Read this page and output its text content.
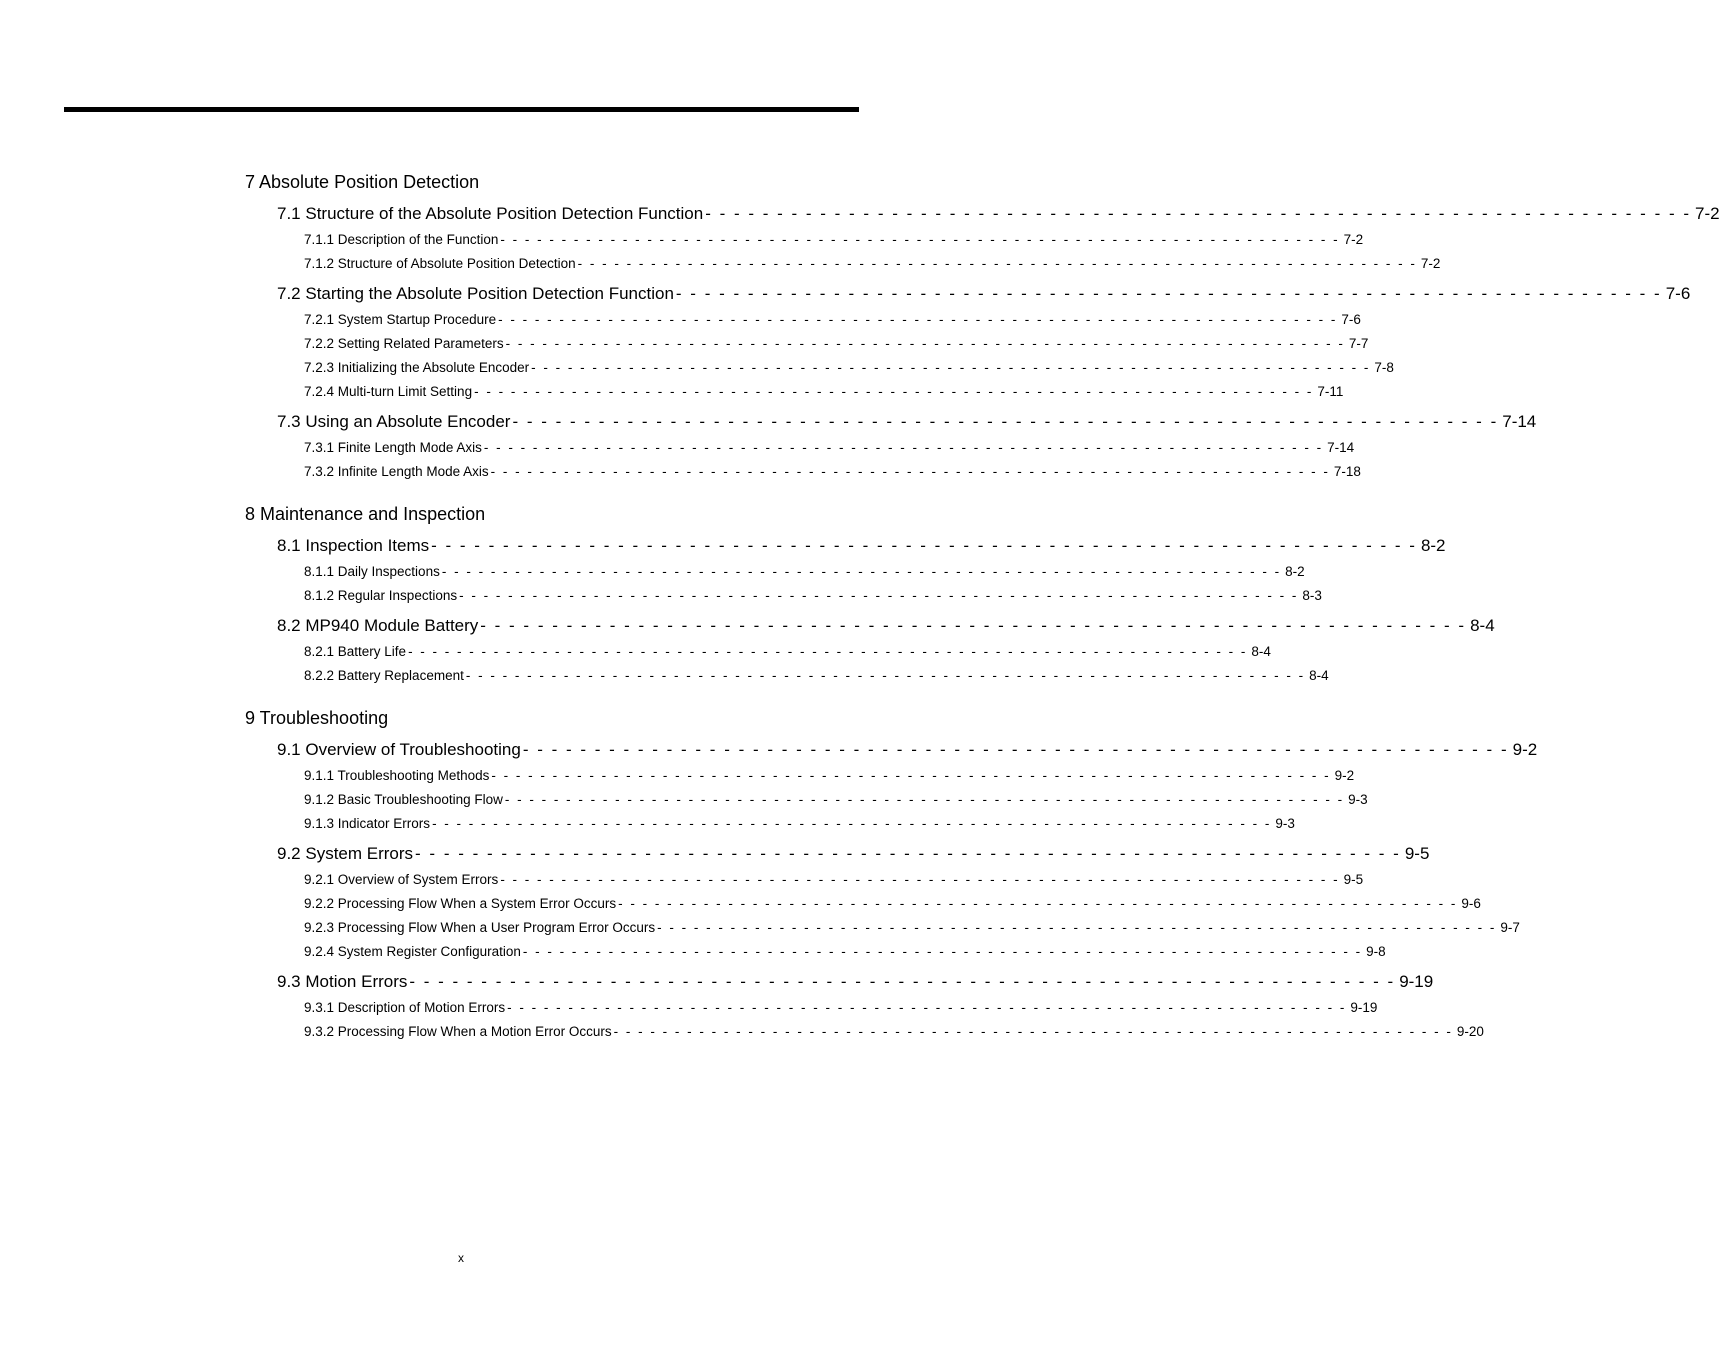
7 Absolute Position Detection
7.1 Structure of the Absolute Position Detection Function - - - - - - - - - - - - - - - - - - - - - - - - - - - - - - - - - - - - - - - - - - - - - - - - - - - - - - - - - - - - - - - - - - - - - 7-2
7.1.1 Description of the Function - - - - - - - - - - - - - - - - - - - - - - - - - - - - - - - - - - - - - - - - - - - - - - - - - - - - - - - - - - - - - - - - - - - - - 7-2
7.1.2 Structure of Absolute Position Detection - - - - - - - - - - - - - - - - - - - - - - - - - - - - - - - - - - - - - - - - - - - - - - - - - - - - - - - - - - - - - - - - - - - - - 7-2
7.2 Starting the Absolute Position Detection Function - - - - - - - - - - - - - - - - - - - - - - - - - - - - - - - - - - - - - - - - - - - - - - - - - - - - - - - - - - - - - - - - - - - - - 7-6
7.2.1 System Startup Procedure - - - - - - - - - - - - - - - - - - - - - - - - - - - - - - - - - - - - - - - - - - - - - - - - - - - - - - - - - - - - - - - - - - - - - 7-6
7.2.2 Setting Related Parameters - - - - - - - - - - - - - - - - - - - - - - - - - - - - - - - - - - - - - - - - - - - - - - - - - - - - - - - - - - - - - - - - - - - - - 7-7
7.2.3 Initializing the Absolute Encoder - - - - - - - - - - - - - - - - - - - - - - - - - - - - - - - - - - - - - - - - - - - - - - - - - - - - - - - - - - - - - - - - - - - - - 7-8
7.2.4 Multi-turn Limit Setting - - - - - - - - - - - - - - - - - - - - - - - - - - - - - - - - - - - - - - - - - - - - - - - - - - - - - - - - - - - - - - - - - - - - - 7-11
7.3 Using an Absolute Encoder - - - - - - - - - - - - - - - - - - - - - - - - - - - - - - - - - - - - - - - - - - - - - - - - - - - - - - - - - - - - - - - - - - - - - 7-14
7.3.1 Finite Length Mode Axis - - - - - - - - - - - - - - - - - - - - - - - - - - - - - - - - - - - - - - - - - - - - - - - - - - - - - - - - - - - - - - - - - - - - - 7-14
7.3.2 Infinite Length Mode Axis - - - - - - - - - - - - - - - - - - - - - - - - - - - - - - - - - - - - - - - - - - - - - - - - - - - - - - - - - - - - - - - - - - - - - 7-18
8 Maintenance and Inspection
8.1 Inspection Items - - - - - - - - - - - - - - - - - - - - - - - - - - - - - - - - - - - - - - - - - - - - - - - - - - - - - - - - - - - - - - - - - - - - - 8-2
8.1.1 Daily Inspections - - - - - - - - - - - - - - - - - - - - - - - - - - - - - - - - - - - - - - - - - - - - - - - - - - - - - - - - - - - - - - - - - - - - - 8-2
8.1.2 Regular Inspections - - - - - - - - - - - - - - - - - - - - - - - - - - - - - - - - - - - - - - - - - - - - - - - - - - - - - - - - - - - - - - - - - - - - - 8-3
8.2 MP940 Module Battery - - - - - - - - - - - - - - - - - - - - - - - - - - - - - - - - - - - - - - - - - - - - - - - - - - - - - - - - - - - - - - - - - - - - - 8-4
8.2.1 Battery Life - - - - - - - - - - - - - - - - - - - - - - - - - - - - - - - - - - - - - - - - - - - - - - - - - - - - - - - - - - - - - - - - - - - - - 8-4
8.2.2 Battery Replacement - - - - - - - - - - - - - - - - - - - - - - - - - - - - - - - - - - - - - - - - - - - - - - - - - - - - - - - - - - - - - - - - - - - - - 8-4
9 Troubleshooting
9.1 Overview of Troubleshooting - - - - - - - - - - - - - - - - - - - - - - - - - - - - - - - - - - - - - - - - - - - - - - - - - - - - - - - - - - - - - - - - - - - - - 9-2
9.1.1 Troubleshooting Methods - - - - - - - - - - - - - - - - - - - - - - - - - - - - - - - - - - - - - - - - - - - - - - - - - - - - - - - - - - - - - - - - - - - - - 9-2
9.1.2 Basic Troubleshooting Flow - - - - - - - - - - - - - - - - - - - - - - - - - - - - - - - - - - - - - - - - - - - - - - - - - - - - - - - - - - - - - - - - - - - - - 9-3
9.1.3 Indicator Errors - - - - - - - - - - - - - - - - - - - - - - - - - - - - - - - - - - - - - - - - - - - - - - - - - - - - - - - - - - - - - - - - - - - - - 9-3
9.2 System Errors - - - - - - - - - - - - - - - - - - - - - - - - - - - - - - - - - - - - - - - - - - - - - - - - - - - - - - - - - - - - - - - - - - - - - 9-5
9.2.1 Overview of System Errors - - - - - - - - - - - - - - - - - - - - - - - - - - - - - - - - - - - - - - - - - - - - - - - - - - - - - - - - - - - - - - - - - - - - - 9-5
9.2.2 Processing Flow When a System Error Occurs - - - - - - - - - - - - - - - - - - - - - - - - - - - - - - - - - - - - - - - - - - - - - - - - - - - - - - - - - - - - - - - - - - - - - 9-6
9.2.3 Processing Flow When a User Program Error Occurs - - - - - - - - - - - - - - - - - - - - - - - - - - - - - - - - - - - - - - - - - - - - - - - - - - - - - - - - - - - - - - - - - - - - - 9-7
9.2.4 System Register Configuration - - - - - - - - - - - - - - - - - - - - - - - - - - - - - - - - - - - - - - - - - - - - - - - - - - - - - - - - - - - - - - - - - - - - - 9-8
9.3 Motion Errors - - - - - - - - - - - - - - - - - - - - - - - - - - - - - - - - - - - - - - - - - - - - - - - - - - - - - - - - - - - - - - - - - - - - - 9-19
9.3.1 Description of Motion Errors - - - - - - - - - - - - - - - - - - - - - - - - - - - - - - - - - - - - - - - - - - - - - - - - - - - - - - - - - - - - - - - - - - - - - 9-19
9.3.2 Processing Flow When a Motion Error Occurs - - - - - - - - - - - - - - - - - - - - - - - - - - - - - - - - - - - - - - - - - - - - - - - - - - - - - - - - - - - - - - - - - - - - - 9-20
x
